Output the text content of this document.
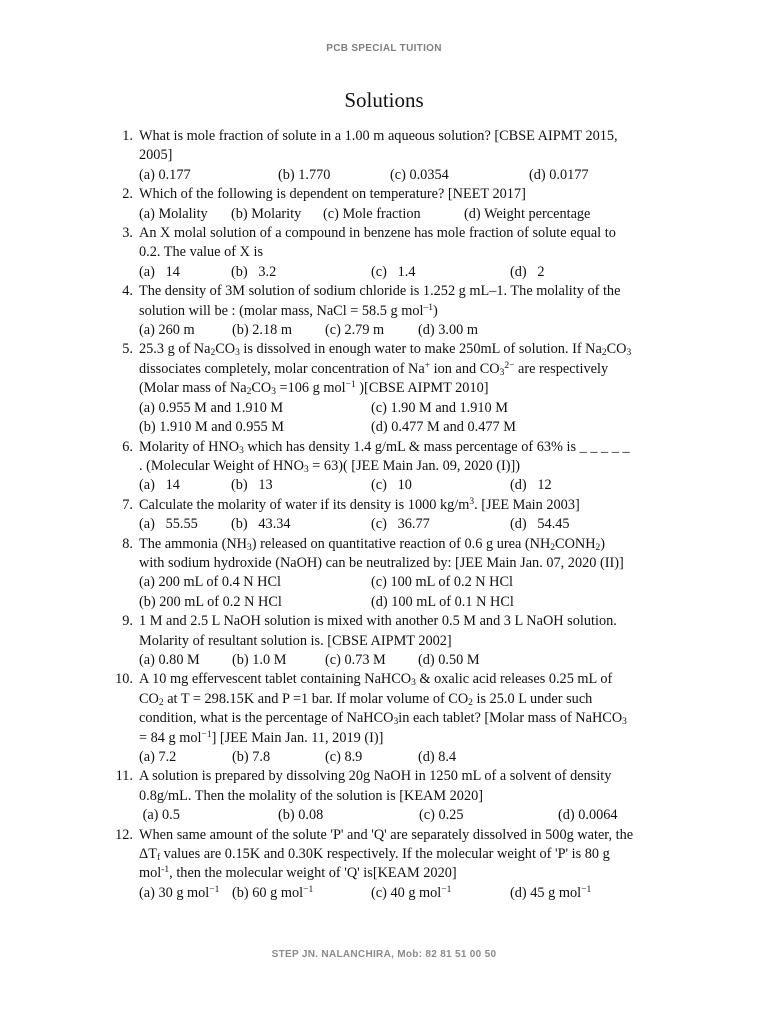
PCB SPECIAL TUITION
Solutions
1. What is mole fraction of solute in a 1.00 m aqueous solution? [CBSE AIPMT 2015,
2005]
(a) 0.177	(b) 1.770	(c) 0.0354	(d) 0.0177
2. Which of the following is dependent on temperature? [NEET 2017]
(a) Molality	(b) Molarity	(c) Mole fraction	(d) Weight percentage
3. An X molal solution of a compound in benzene has mole fraction of solute equal to
0.2. The value of X is
(a)   14	(b)   3.2	(c)   1.4	(d)   2
4. The density of 3M solution of sodium chloride is 1.252 g mL–1. The molality of the
solution will be : (molar mass, NaCl = 58.5 g mol$^{-1}$)
(a) 260 m	(b) 2.18 m	(c) 2.79 m	(d) 3.00 m
5. 25.3 g of $Na_2CO_3$ is dissolved in enough water to make 250mL of solution. If $Na_2CO_3$
dissociates completely, molar concentration of Na+ ion and $CO_3^{2-}$ are respectively
(Molar mass of $Na_2CO_3 =106$ g mol$^{-1}$ )[CBSE AIPMT 2010]
(a) 0.955 M and 1.910 M	(c) 1.90 M and 1.910 M
(b) 1.910 M and 0.955 M	(d) 0.477 M and 0.477 M
6. Molarity of $HNO_3$ which has density 1.4 g/mL & mass percentage of 63% is _ _ _ _ _
. (Molecular Weight of $HNO_3 = 63$)( [JEE Main Jan. 09, 2020 (I)])
(a)   14	(b)   13	(c)   10	(d)   12
7. Calculate the molarity of water if its density is 1000 $kg/m^3$. [JEE Main 2003]
(a)   55.55	(b)   43.34	(c)   36.77	(d)   54.45
8. The ammonia $(NH_3)$ released on quantitative reaction of 0.6 g urea $(NH_2CONH_2)$
with sodium hydroxide (NaOH) can be neutralized by: [JEE Main Jan. 07, 2020 (II)]
(a) 200 mL of 0.4 N HCl	(c) 100 mL of 0.2 N HCl
(b) 200 mL of 0.2 N HCl	(d) 100 mL of 0.1 N HCl
9. 1 M and 2.5 L NaOH solution is mixed with another 0.5 M and 3 L NaOH solution.
Molarity of resultant solution is. [CBSE AIPMT 2002]
(a) 0.80 M	(b) 1.0 M	(c) 0.73 M	(d) 0.50 M
10. A 10 mg effervescent tablet containing NaHCO$_3$ & oxalic acid releases 0.25 mL of
$CO_2$ at T = 298.15K and P =1 bar. If molar volume of $CO_2$ is 25.0 L under such
condition, what is the percentage of NaHCO$_3$in each tablet? [Molar mass of NaHCO$_3$
= 84 g mol$^{-1}$] [JEE Main Jan. 11, 2019 (I)]
(a) 7.2	(b) 7.8	(c) 8.9	(d) 8.4
11. A solution is prepared by dissolving 20g NaOH in 1250 mL of a solvent of density
0.8g/mL. Then the molality of the solution is [KEAM 2020]
(a) 0.5	(b) 0.08	(c) 0.25	(d) 0.0064
12. When same amount of the solute 'P' and 'Q' are separately dissolved in 500g water, the
$\Delta T_f$ values are 0.15K and 0.30K respectively. If the molecular weight of 'P' is 80 g
mol$^{-1}$, then the molecular weight of 'Q' is[KEAM 2020]
(a) 30 g mol$^{-1}$ (b) 60 g mol$^{-1}$	(c) 40 g mol$^{-1}$	(d) 45 g mol$^{-1}$
STEP JN. NALANCHIRA, Mob: 82 81 51 00 50
